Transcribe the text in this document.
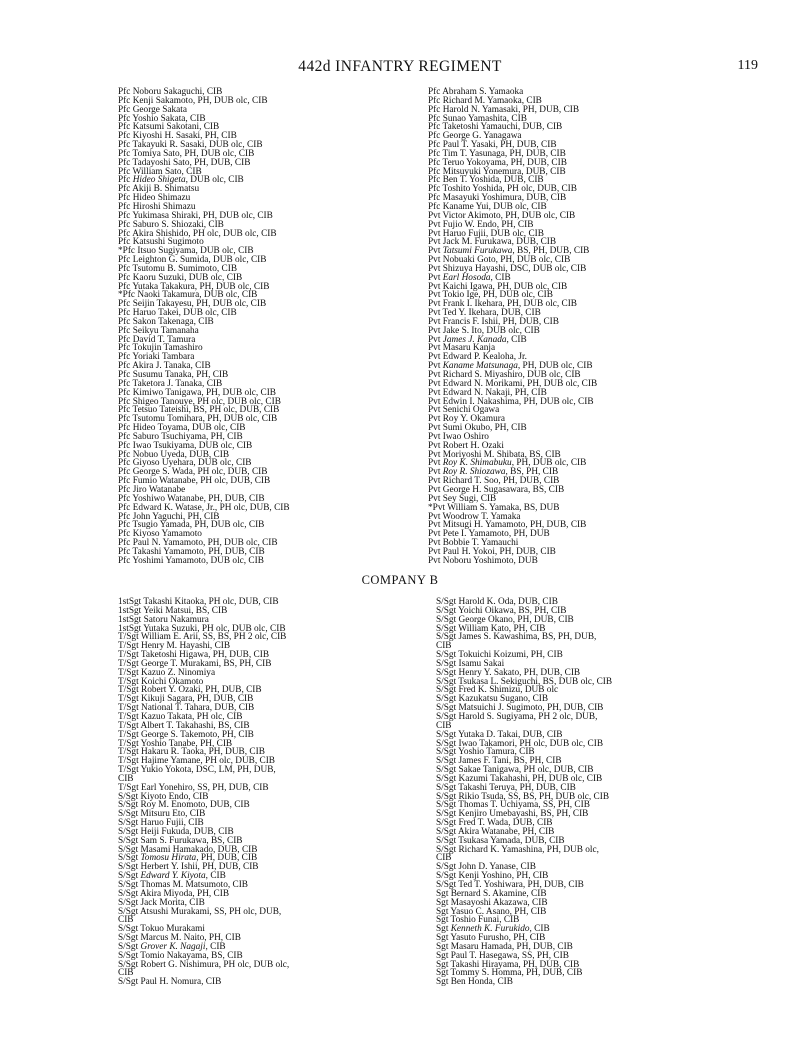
442d INFANTRY REGIMENT	119
Pfc Noboru Sakaguchi, CIB
Pfc Kenji Sakamoto, PH, DUB olc, CIB
Pfc George Sakata
Pfc Yoshio Sakata, CIB
Pfc Katsumi Sakotani, CIB
Pfc Kiyoshi H. Sasaki, PH, CIB
Pfc Takayuki R. Sasaki, DUB olc, CIB
Pfc Tomiya Sato, PH, DUB olc, CIB
Pfc Tadayoshi Sato, PH, DUB, CIB
Pfc William Sato, CIB
Pfc Hideo Shigeta, DUB olc, CIB
Pfc Akiji B. Shimatsu
Pfc Hideo Shimazu
Pfc Hiroshi Shimazu
Pfc Yukimasa Shiraki, PH, DUB olc, CIB
Pfc Saburo S. Shiozaki, CIB
Pfc Akira Shishido, PH olc, DUB olc, CIB
Pfc Katsushi Sugimoto
*Pfc Itsuo Sugiyama, DUB olc, CIB
Pfc Leighton G. Sumida, DUB olc, CIB
Pfc Tsutomu B. Sumimoto, CIB
Pfc Kaoru Suzuki, DUB olc, CIB
Pfc Yutaka Takakura, PH, DUB olc, CIB
*Pfc Naoki Takamura, DUB olc, CIB
Pfc Seijin Takayesu, PH, DUB olc, CIB
Pfc Haruo Takei, DUB olc, CIB
Pfc Sakon Takenaga, CIB
Pfc Seikyu Tamanaha
Pfc David T. Tamura
Pfc Tokujin Tamashiro
Pfc Yoriaki Tambara
Pfc Akira J. Tanaka, CIB
Pfc Susumu Tanaka, PH, CIB
Pfc Taketora J. Tanaka, CIB
Pfc Kimiwo Tanigawa, PH, DUB olc, CIB
Pfc Shigeo Tanouye, PH olc, DUB olc, CIB
Pfc Tetsuo Tateishi, BS, PH olc, DUB, CIB
Pfc Tsutomu Tomihara, PH, DUB olc, CIB
Pfc Hideo Toyama, DUB olc, CIB
Pfc Saburo Tsuchiyama, PH, CIB
Pfc Iwao Tsukiyama, DUB olc, CIB
Pfc Nobuo Uyeda, DUB, CIB
Pfc Giyoso Uyehara, DUB olc, CIB
Pfc George S. Wada, PH olc, DUB, CIB
Pfc Fumio Watanabe, PH olc, DUB, CIB
Pfc Jiro Watanabe
Pfc Yoshiwo Watanabe, PH, DUB, CIB
Pfc Edward K. Watase, Jr., PH olc, DUB, CIB
Pfc John Yaguchi, PH, CIB
Pfc Tsugio Yamada, PH, DUB olc, CIB
Pfc Kiyoso Yamamoto
Pfc Paul N. Yamamoto, PH, DUB olc, CIB
Pfc Takashi Yamamoto, PH, DUB, CIB
Pfc Yoshimi Yamamoto, DUB olc, CIB
Pfc Abraham S. Yamaoka
Pfc Richard M. Yamaoka, CIB
Pfc Harold N. Yamasaki, PH, DUB, CIB
Pfc Sunao Yamashita, CIB
Pfc Taketoshi Yamauchi, DUB, CIB
Pfc George G. Yanagawa
Pfc Paul T. Yasaki, PH, DUB, CIB
Pfc Tim T. Yasunaga, PH, DUB, CIB
Pfc Teruo Yokoyama, PH, DUB, CIB
Pfc Mitsuyuki Yonemura, DUB, CIB
Pfc Ben T. Yoshida, DUB, CIB
Pfc Toshito Yoshida, PH olc, DUB, CIB
Pfc Masayuki Yoshimura, DUB, CIB
Pfc Kaname Yui, DUB olc, CIB
Pvt Victor Akimoto, PH, DUB olc, CIB
Pvt Fujio W. Endo, PH, CIB
Pvt Haruo Fujii, DUB olc, CIB
Pvt Jack M. Furukawa, DUB, CIB
Pvt Tatsumi Furukawa, BS, PH, DUB, CIB
Pvt Nobuaki Goto, PH, DUB olc, CIB
Pvt Shizuya Hayashi, DSC, DUB olc, CIB
Pvt Earl Hosoda, CIB
Pvt Kaichi Igawa, PH, DUB olc, CIB
Pvt Tokio Ige, PH, DUB olc, CIB
Pvt Frank I. Ikehara, PH, DUB olc, CIB
Pvt Ted Y. Ikehara, DUB, CIB
Pvt Francis F. Ishii, PH, DUB, CIB
Pvt Jake S. Ito, DUB olc, CIB
Pvt James J. Kanada, CIB
Pvt Masaru Kanja
Pvt Edward P. Kealoha, Jr.
Pvt Kaname Matsunaga, PH, DUB olc, CIB
Pvt Richard S. Miyashiro, DUB olc, CIB
Pvt Edward N. Morikami, PH, DUB olc, CIB
Pvt Edward N. Nakaji, PH, CIB
Pvt Edwin I. Nakashima, PH, DUB olc, CIB
Pvt Senichi Ogawa
Pvt Roy Y. Okamura
Pvt Sumi Okubo, PH, CIB
Pvt Iwao Oshiro
Pvt Robert H. Ozaki
Pvt Moriyoshi M. Shibata, BS, CIB
Pvt Roy K. Shimabuku, PH, DUB olc, CIB
Pvt Roy R. Shiozawa, BS, PH, CIB
Pvt Richard T. Soo, PH, DUB, CIB
Pvt George H. Sugasawara, BS, CIB
Pvt Sey Sugi, CIB
*Pvt William S. Yamaka, BS, DUB
Pvt Woodrow T. Yamaka
Pvt Mitsugi H. Yamamoto, PH, DUB, CIB
Pvt Pete I. Yamamoto, PH, DUB
Pvt Bobbie T. Yamauchi
Pvt Paul H. Yokoi, PH, DUB, CIB
Pvt Noboru Yoshimoto, DUB
COMPANY B
1stSgt Takashi Kitaoka, PH olc, DUB, CIB
1stSgt Yeiki Matsui, BS, CIB
1stSgt Satoru Nakamura
1stSgt Yutaka Suzuki, PH olc, DUB olc, CIB
T/Sgt William E. Arii, SS, BS, PH 2 olc, CIB
T/Sgt Henry M. Hayashi, CIB
T/Sgt Taketoshi Higawa, PH, DUB, CIB
T/Sgt George T. Murakami, BS, PH, CIB
T/Sgt Kazuo Z. Ninomiya
T/Sgt Koichi Okamoto
T/Sgt Robert Y. Ozaki, PH, DUB, CIB
T/Sgt Kikuji Sagara, PH, DUB, CIB
T/Sgt National T. Tahara, DUB, CIB
T/Sgt Kazuo Takata, PH olc, CIB
T/Sgt Albert T. Takahashi, BS, CIB
T/Sgt George S. Takemoto, PH, CIB
T/Sgt Yoshio Tanabe, PH, CIB
T/Sgt Hakaru R. Taoka, PH, DUB, CIB
T/Sgt Hajime Yamane, PH olc, DUB, CIB
T/Sgt Yukio Yokota, DSC, LM, PH, DUB,
CIB
T/Sgt Earl Yonehiro, SS, PH, DUB, CIB
S/Sgt Kiyoto Endo, CIB
S/Sgt Roy M. Enomoto, DUB, CIB
S/Sgt Mitsuru Eto, CIB
S/Sgt Haruo Fujii, CIB
S/Sgt Heiji Fukuda, DUB, CIB
S/Sgt Sam S. Furukawa, BS, CIB
S/Sgt Masami Hamakado, DUB, CIB
S/Sgt Tomosu Hirata, PH, DUB, CIB
S/Sgt Herbert Y. Ishii, PH, DUB, CIB
S/Sgt Edward Y. Kiyota, CIB
S/Sgt Thomas M. Matsumoto, CIB
S/Sgt Akira Miyoda, PH, CIB
S/Sgt Jack Morita, CIB
S/Sgt Atsushi Murakami, SS, PH olc, DUB,
CIB
S/Sgt Tokuo Murakami
S/Sgt Marcus M. Naito, PH, CIB
S/Sgt Grover K. Nagaji, CIB
S/Sgt Tomio Nakayama, BS, CIB
S/Sgt Robert G. Nishimura, PH olc, DUB olc,
CIB
S/Sgt Paul H. Nomura, CIB
S/Sgt Harold K. Oda, DUB, CIB
S/Sgt Yoichi Oikawa, BS, PH, CIB
S/Sgt George Okano, PH, DUB, CIB
S/Sgt William Kato, PH, CIB
S/Sgt James S. Kawashima, BS, PH, DUB,
CIB
S/Sgt Tokuichi Koizumi, PH, CIB
S/Sgt Isamu Sakai
S/Sgt Henry Y. Sakato, PH, DUB, CIB
S/Sgt Tsukasa L. Sekiguchi, BS, DUB olc, CIB
S/Sgt Fred K. Shimizu, DUB olc
S/Sgt Kazukatsu Sugano, CIB
S/Sgt Matsuichi J. Sugimoto, PH, DUB, CIB
S/Sgt Harold S. Sugiyama, PH 2 olc, DUB,
CIB
S/Sgt Yutaka D. Takai, DUB, CIB
S/Sgt Iwao Takamori, PH olc, DUB olc, CIB
S/Sgt Yoshio Tamura, CIB
S/Sgt James F. Tani, BS, PH, CIB
S/Sgt Sakae Tanigawa, PH olc, DUB, CIB
S/Sgt Kazumi Takahashi, PH, DUB olc, CIB
S/Sgt Takashi Teruya, PH, DUB, CIB
S/Sgt Rikio Tsuda, SS, BS, PH, DUB olc, CIB
S/Sgt Thomas T. Uchiyama, SS, PH, CIB
S/Sgt Kenjiro Umebayashi, BS, PH, CIB
S/Sgt Fred T. Wada, DUB, CIB
S/Sgt Akira Watanabe, PH, CIB
S/Sgt Tsukasa Yamada, DUB, CIB
S/Sgt Richard K. Yamashina, PH, DUB olc,
CIB
S/Sgt John D. Yanase, CIB
S/Sgt Kenji Yoshino, PH, CIB
S/Sgt Ted T. Yoshiwara, PH, DUB, CIB
Sgt Bernard S. Akamine, CIB
Sgt Masayoshi Akazawa, CIB
Sgt Yasuo C. Asano, PH, CIB
Sgt Toshio Funai, CIB
Sgt Kenneth K. Furukido, CIB
Sgt Yasuto Furusho, PH, CIB
Sgt Masaru Hamada, PH, DUB, CIB
Sgt Paul T. Hasegawa, SS, PH, CIB
Sgt Takashi Hirayama, PH, DUB, CIB
Sgt Tommy S. Homma, PH, DUB, CIB
Sgt Ben Honda, CIB
